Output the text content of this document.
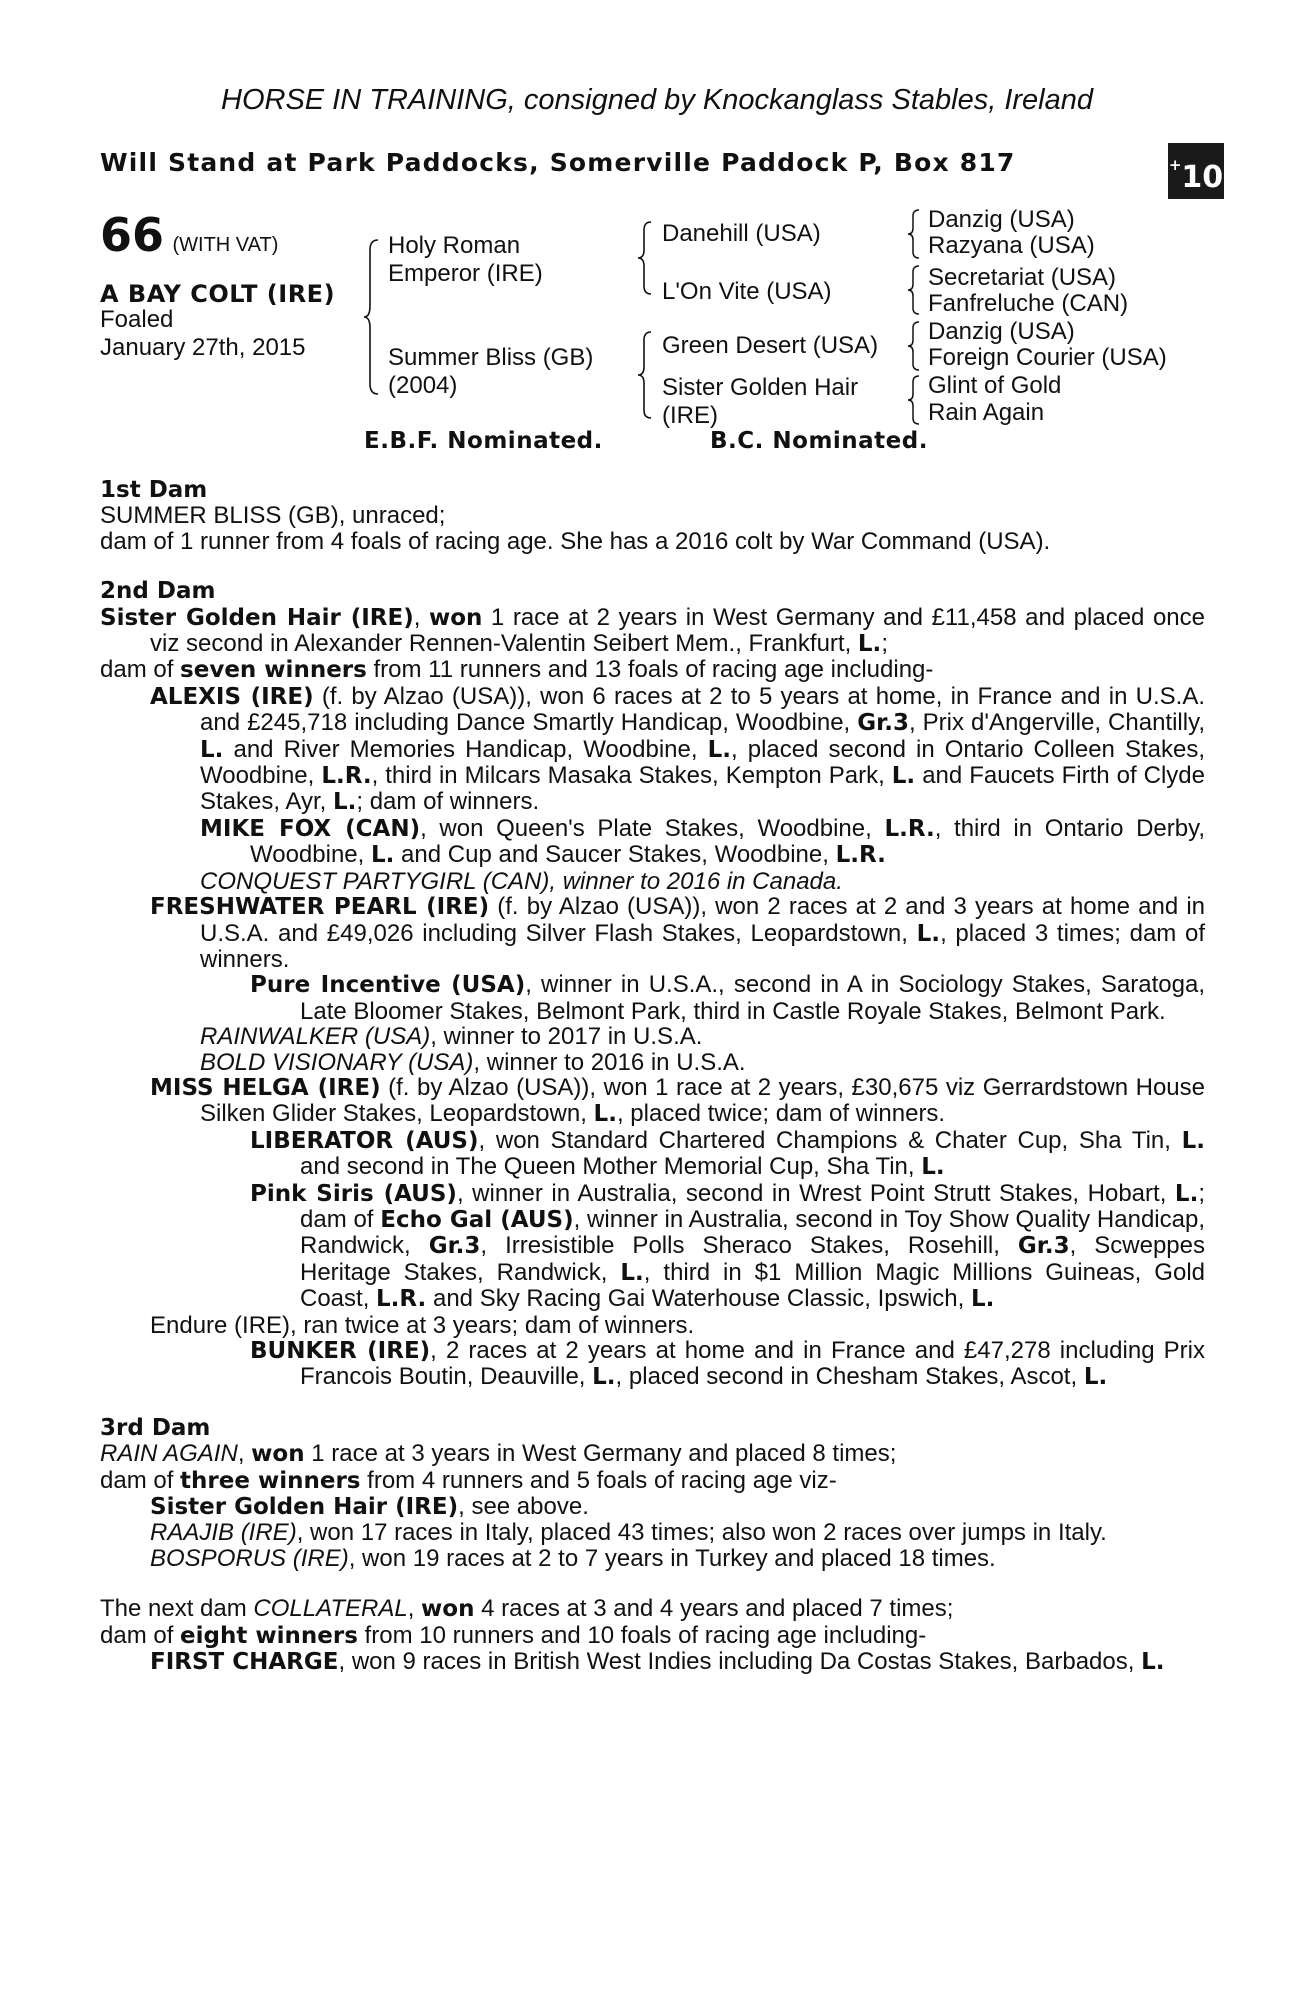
HORSE IN TRAINING, consigned by Knockanglass Stables, Ireland
Will Stand at Park Paddocks, Somerville Paddock P, Box 817	+10
66 (WITH VAT)
A BAY COLT (IRE)
Foaled
January 27th, 2015
Holy Roman
Emperor (IRE)
Summer Bliss (GB)
(2004)
Danehill (USA)
L'On Vite (USA)
Green Desert (USA)
Sister Golden Hair
(IRE)
Danzig (USA)
Razyana (USA)
Secretariat (USA)
Fanfreluche (CAN)
Danzig (USA)
Foreign Courier (USA)
Glint of Gold
Rain Again
E.B.F. Nominated.	B.C. Nominated.

1st Dam

SUMMER BLISS (GB), unraced;

dam of 1 runner from 4 foals of racing age. She has a 2016 colt by War Command (USA).

2nd Dam

Sister Golden Hair (IRE), won 1 race at 2 years in West Germany and £11,458 and placed once viz second in Alexander Rennen-Valentin Seibert Mem., Frankfurt, L.;

dam of seven winners from 11 runners and 13 foals of racing age including-

ALEXIS (IRE) (f. by Alzao (USA)), won 6 races at 2 to 5 years at home, in France and in U.S.A. and £245,718 including Dance Smartly Handicap, Woodbine, Gr.3, Prix d'Angerville, Chantilly, L. and River Memories Handicap, Woodbine, L., placed second in Ontario Colleen Stakes, Woodbine, L.R., third in Milcars Masaka Stakes, Kempton Park, L. and Faucets Firth of Clyde Stakes, Ayr, L.; dam of winners.

MIKE FOX (CAN), won Queen's Plate Stakes, Woodbine, L.R., third in Ontario Derby, Woodbine, L. and Cup and Saucer Stakes, Woodbine, L.R.

CONQUEST PARTYGIRL (CAN), winner to 2016 in Canada.

FRESHWATER PEARL (IRE) (f. by Alzao (USA)), won 2 races at 2 and 3 years at home and in U.S.A. and £49,026 including Silver Flash Stakes, Leopardstown, L., placed 3 times; dam of winners.

Pure Incentive (USA), winner in U.S.A., second in A in Sociology Stakes, Saratoga, Late Bloomer Stakes, Belmont Park, third in Castle Royale Stakes, Belmont Park.

RAINWALKER (USA), winner to 2017 in U.S.A.

BOLD VISIONARY (USA), winner to 2016 in U.S.A.

MISS HELGA (IRE) (f. by Alzao (USA)), won 1 race at 2 years, £30,675 viz Gerrardstown House Silken Glider Stakes, Leopardstown, L., placed twice; dam of winners.

LIBERATOR (AUS), won Standard Chartered Champions & Chater Cup, Sha Tin, L. and second in The Queen Mother Memorial Cup, Sha Tin, L.

Pink Siris (AUS), winner in Australia, second in Wrest Point Strutt Stakes, Hobart, L.; dam of Echo Gal (AUS), winner in Australia, second in Toy Show Quality Handicap, Randwick, Gr.3, Irresistible Polls Sheraco Stakes, Rosehill, Gr.3, Scweppes Heritage Stakes, Randwick, L., third in $1 Million Magic Millions Guineas, Gold Coast, L.R. and Sky Racing Gai Waterhouse Classic, Ipswich, L.

Endure (IRE), ran twice at 3 years; dam of winners.

BUNKER (IRE), 2 races at 2 years at home and in France and £47,278 including Prix Francois Boutin, Deauville, L., placed second in Chesham Stakes, Ascot, L.

3rd Dam

RAIN AGAIN, won 1 race at 3 years in West Germany and placed 8 times;

dam of three winners from 4 runners and 5 foals of racing age viz-

Sister Golden Hair (IRE), see above.

RAAJIB (IRE), won 17 races in Italy, placed 43 times; also won 2 races over jumps in Italy.

BOSPORUS (IRE), won 19 races at 2 to 7 years in Turkey and placed 18 times.

The next dam COLLATERAL, won 4 races at 3 and 4 years and placed 7 times;

dam of eight winners from 10 runners and 10 foals of racing age including-

FIRST CHARGE, won 9 races in British West Indies including Da Costas Stakes, Barbados, L.
